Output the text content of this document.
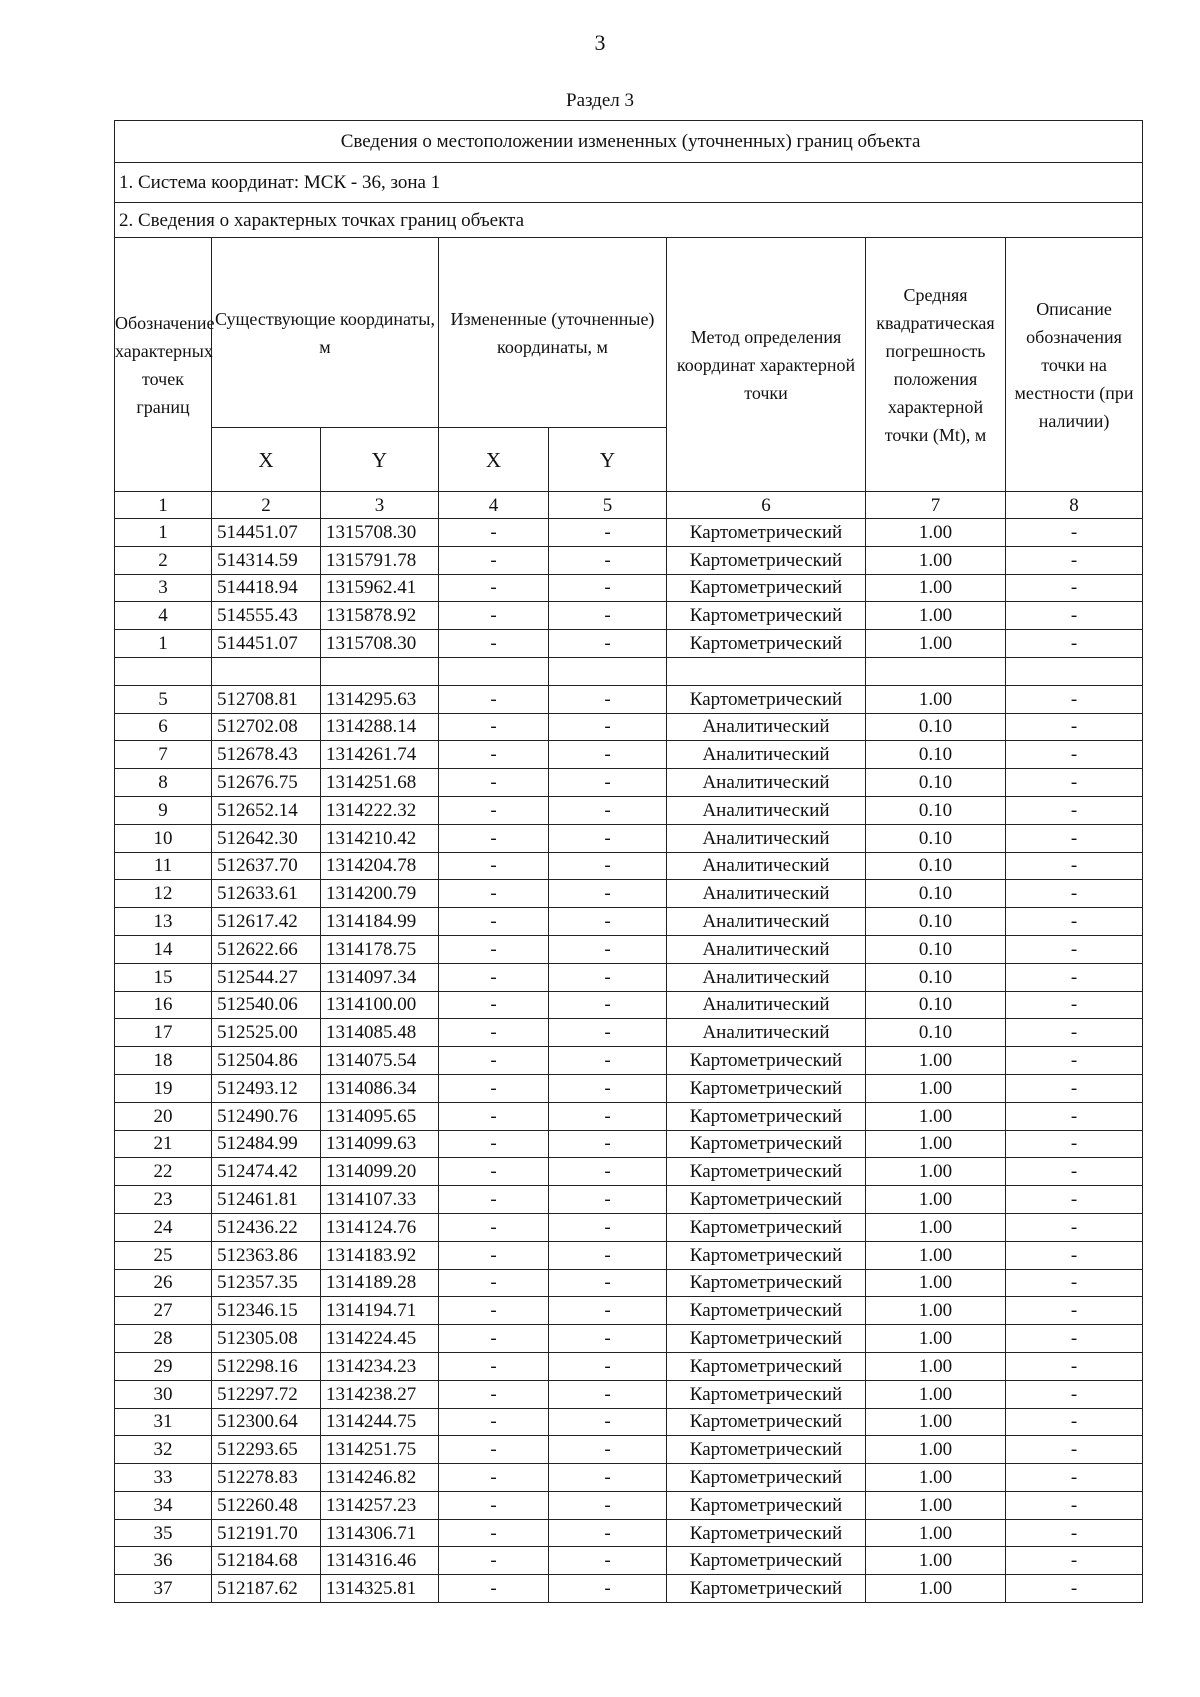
3
Раздел 3
Сведения о местоположении измененных (уточненных) границ объекта							
1. Система координат: МСК - 36, зона 1							
2. Сведения о характерных точках границ объекта							
Обозначение характерных точек границ	Существующие координаты, м		Измененные (уточненные) координаты, м		Метод определения координат характерной точки	Средняя квадратическая погрешность положения характерной точки (Mt), м	Описание обозначения точки на местности (при наличии)
	X	Y	X	Y			
1	2	3	4	5	6	7	8
1	514451.07	1315708.30	-	-	Картометрический	1.00	-
2	514314.59	1315791.78	-	-	Картометрический	1.00	-
3	514418.94	1315962.41	-	-	Картометрический	1.00	-
4	514555.43	1315878.92	-	-	Картометрический	1.00	-
1	514451.07	1315708.30	-	-	Картометрический	1.00	-

5	512708.81	1314295.63	-	-	Картометрический	1.00	-
6	512702.08	1314288.14	-	-	Аналитический	0.10	-
7	512678.43	1314261.74	-	-	Аналитический	0.10	-
8	512676.75	1314251.68	-	-	Аналитический	0.10	-
9	512652.14	1314222.32	-	-	Аналитический	0.10	-
10	512642.30	1314210.42	-	-	Аналитический	0.10	-
11	512637.70	1314204.78	-	-	Аналитический	0.10	-
12	512633.61	1314200.79	-	-	Аналитический	0.10	-
13	512617.42	1314184.99	-	-	Аналитический	0.10	-
14	512622.66	1314178.75	-	-	Аналитический	0.10	-
15	512544.27	1314097.34	-	-	Аналитический	0.10	-
16	512540.06	1314100.00	-	-	Аналитический	0.10	-
17	512525.00	1314085.48	-	-	Аналитический	0.10	-
18	512504.86	1314075.54	-	-	Картометрический	1.00	-
19	512493.12	1314086.34	-	-	Картометрический	1.00	-
20	512490.76	1314095.65	-	-	Картометрический	1.00	-
21	512484.99	1314099.63	-	-	Картометрический	1.00	-
22	512474.42	1314099.20	-	-	Картометрический	1.00	-
23	512461.81	1314107.33	-	-	Картометрический	1.00	-
24	512436.22	1314124.76	-	-	Картометрический	1.00	-
25	512363.86	1314183.92	-	-	Картометрический	1.00	-
26	512357.35	1314189.28	-	-	Картометрический	1.00	-
27	512346.15	1314194.71	-	-	Картометрический	1.00	-
28	512305.08	1314224.45	-	-	Картометрический	1.00	-
29	512298.16	1314234.23	-	-	Картометрический	1.00	-
30	512297.72	1314238.27	-	-	Картометрический	1.00	-
31	512300.64	1314244.75	-	-	Картометрический	1.00	-
32	512293.65	1314251.75	-	-	Картометрический	1.00	-
33	512278.83	1314246.82	-	-	Картометрический	1.00	-
34	512260.48	1314257.23	-	-	Картометрический	1.00	-
35	512191.70	1314306.71	-	-	Картометрический	1.00	-
36	512184.68	1314316.46	-	-	Картометрический	1.00	-
37	512187.62	1314325.81	-	-	Картометрический	1.00	-
